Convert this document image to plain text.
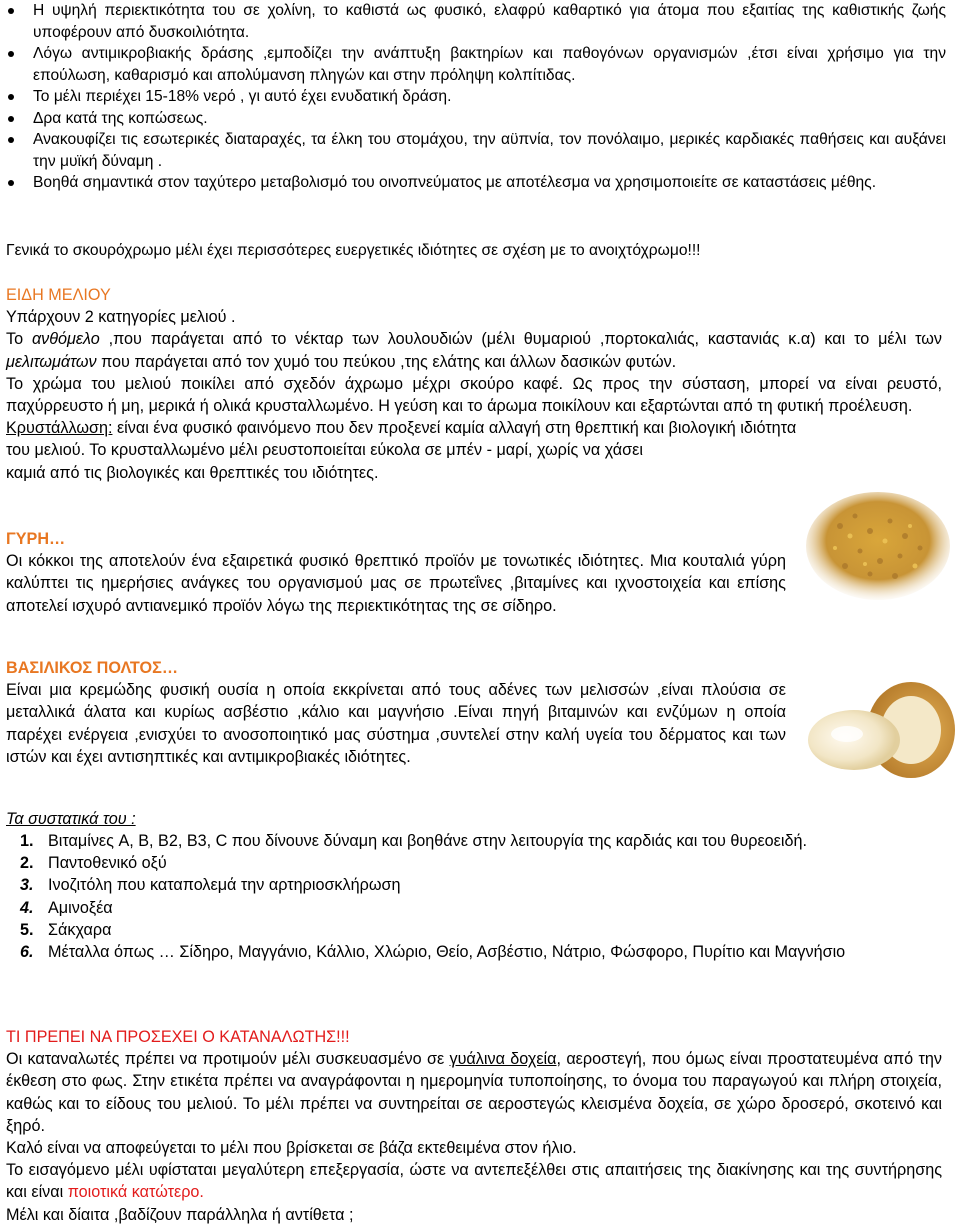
Η υψηλή περιεκτικότητα του σε χολίνη, το καθιστά ως φυσικό, ελαφρύ καθαρτικό για άτομα που εξαιτίας της καθιστικής ζωής υποφέρουν από δυσκοιλιότητα.
Λόγω αντιμικροβιακής δράσης ,εμποδίζει την ανάπτυξη βακτηρίων και παθογόνων οργανισμών ,έτσι είναι χρήσιμο για την επούλωση, καθαρισμό και απολύμανση πληγών και στην πρόληψη κολπίτιδας.
Το μέλι περιέχει 15-18% νερό , γι αυτό έχει ενυδατική δράση.
Δρα κατά της κοπώσεως.
Ανακουφίζει τις εσωτερικές διαταραχές, τα έλκη του στομάχου, την αϋπνία, τον πονόλαιμο, μερικές καρδιακές παθήσεις και αυξάνει την μυϊκή δύναμη .
Βοηθά σημαντικά στον ταχύτερο μεταβολισμό του οινοπνεύματος με αποτέλεσμα να χρησιμοποιείτε σε καταστάσεις μέθης.
Γενικά το σκουρόχρωμο μέλι έχει περισσότερες ευεργετικές ιδιότητες σε σχέση με το ανοιχτόχρωμο!!!
ΕΙΔΗ ΜΕΛΙΟΥ
Υπάρχουν 2 κατηγορίες μελιού .
Το ανθόμελο ,που παράγεται από το νέκταρ των λουλουδιών (μέλι θυμαριού ,πορτοκαλιάς, καστανιάς κ.α) και το μέλι των μελιτωμάτων που παράγεται από τον χυμό του πεύκου ,της ελάτης και άλλων δασικών φυτών.
Το χρώμα του μελιού ποικίλει από σχεδόν άχρωμο μέχρι σκούρο καφέ. Ως προς την σύσταση, μπορεί να είναι ρευστό, παχύρρευστο ή μη, μερικά ή ολικά κρυσταλλωμένο. Η γεύση και το άρωμα ποικίλουν και εξαρτώνται από τη φυτική προέλευση.
Κρυστάλλωση: είναι ένα φυσικό φαινόμενο που δεν προξενεί καμία αλλαγή στη θρεπτική και βιολογική ιδιότητα
του μελιού. Το κρυσταλλωμένο μέλι ρευστοποιείται εύκολα σε μπέν - μαρί, χωρίς να χάσει
καμιά από τις βιολογικές και θρεπτικές του ιδιότητες.
ΓΥΡΗ…
Οι κόκκοι της αποτελούν ένα εξαιρετικά φυσικό θρεπτικό προϊόν με τονωτικές ιδιότητες. Μια κουταλιά γύρη καλύπτει τις ημερήσιες ανάγκες του οργανισμού μας σε πρωτεΐνες ,βιταμίνες και ιχνοστοιχεία και επίσης αποτελεί ισχυρό αντιανεμικό προϊόν λόγω της περιεκτικότητας της σε σίδηρο.
ΒΑΣΙΛΙΚΟΣ ΠΟΛΤΟΣ…
Είναι μια κρεμώδης φυσική ουσία η οποία εκκρίνεται από τους αδένες των μελισσών ,είναι πλούσια σε μεταλλικά άλατα και κυρίως ασβέστιο ,κάλιο και μαγνήσιο .Είναι πηγή βιταμινών και ενζύμων η οποία παρέχει ενέργεια ,ενισχύει το ανοσοποιητικό μας σύστημα ,συντελεί στην καλή υγεία του δέρματος και των ιστών και έχει αντισηπτικές και αντιμικροβιακές ιδιότητες.
Τα συστατικά του :
1. Βιταμίνες A, B, B2, B3, C που δίνουνε δύναμη και βοηθάνε στην λειτουργία της καρδιάς και του θυρεοειδή.
2. Παντοθενικό οξύ
3. Ινοζιτόλη που καταπολεμά την αρτηριοσκλήρωση
4. Αμινοξέα
5. Σάκχαρα
6. Μέταλλα όπως … Σίδηρο, Μαγγάνιο, Κάλλιο, Χλώριο, Θείο, Ασβέστιο, Νάτριο, Φώσφορο, Πυρίτιο και Μαγνήσιο
ΤΙ ΠΡΕΠΕΙ ΝΑ ΠΡΟΣΕΧΕΙ Ο ΚΑΤΑΝΑΛΩΤΗΣ!!!
Οι καταναλωτές πρέπει να προτιμούν μέλι συσκευασμένο σε γυάλινα δοχεία, αεροστεγή, που όμως είναι προστατευμένα από την έκθεση στο φως. Στην ετικέτα πρέπει να αναγράφονται η ημερομηνία τυποποίησης, το όνομα του παραγωγού και πλήρη στοιχεία, καθώς και το είδους του μελιού. Το μέλι πρέπει να συντηρείται σε αεροστεγώς κλεισμένα δοχεία, σε χώρο δροσερό, σκοτεινό και ξηρό.
Καλό είναι να αποφεύγεται το μέλι που βρίσκεται σε βάζα εκτεθειμένα στον ήλιο.
Το εισαγόμενο μέλι υφίσταται μεγαλύτερη επεξεργασία, ώστε να αντεπεξέλθει στις απαιτήσεις της διακίνησης και της συντήρησης και είναι ποιοτικά κατώτερο.
Μέλι και δίαιτα ,βαδίζουν παράλληλα ή αντίθετα ;
